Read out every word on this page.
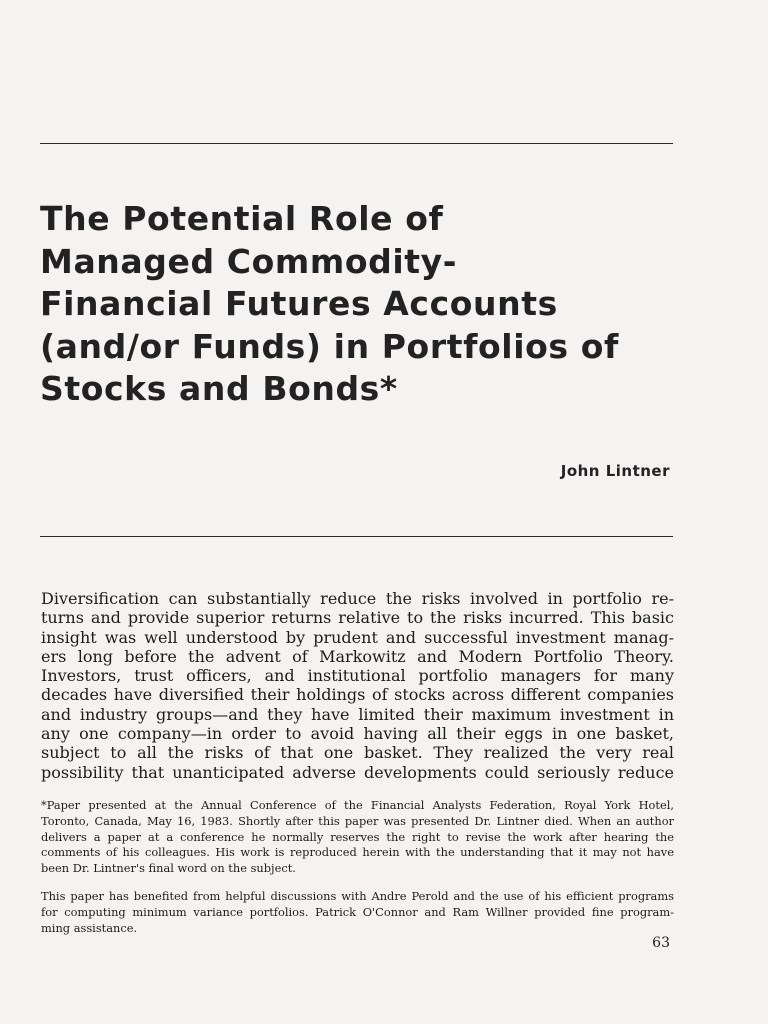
The Potential Role of
Managed Commodity-
Financial Futures Accounts
(and/or Funds) in Portfolios of
Stocks and Bonds*
John Lintner
Diversification can substantially reduce the risks involved in portfolio re-
turns and provide superior returns relative to the risks incurred. This basic
insight was well understood by prudent and successful investment manag-
ers long before the advent of Markowitz and Modern Portfolio Theory.
Investors, trust officers, and institutional portfolio managers for many
decades have diversified their holdings of stocks across different companies
and industry groups—and they have limited their maximum investment in
any one company—in order to avoid having all their eggs in one basket,
subject to all the risks of that one basket. They realized the very real
possibility that unanticipated adverse developments could seriously reduce
*Paper presented at the Annual Conference of the Financial Analysts Federation, Royal York Hotel,
Toronto, Canada, May 16, 1983. Shortly after this paper was presented Dr. Lintner died. When an author
delivers a paper at a conference he normally reserves the right to revise the work after hearing the
comments of his colleagues. His work is reproduced herein with the understanding that it may not have
been Dr. Lintner's final word on the subject.
This paper has benefited from helpful discussions with Andre Perold and the use of his efficient programs
for computing minimum variance portfolios. Patrick O'Connor and Ram Willner provided fine program-
ming assistance.
63
